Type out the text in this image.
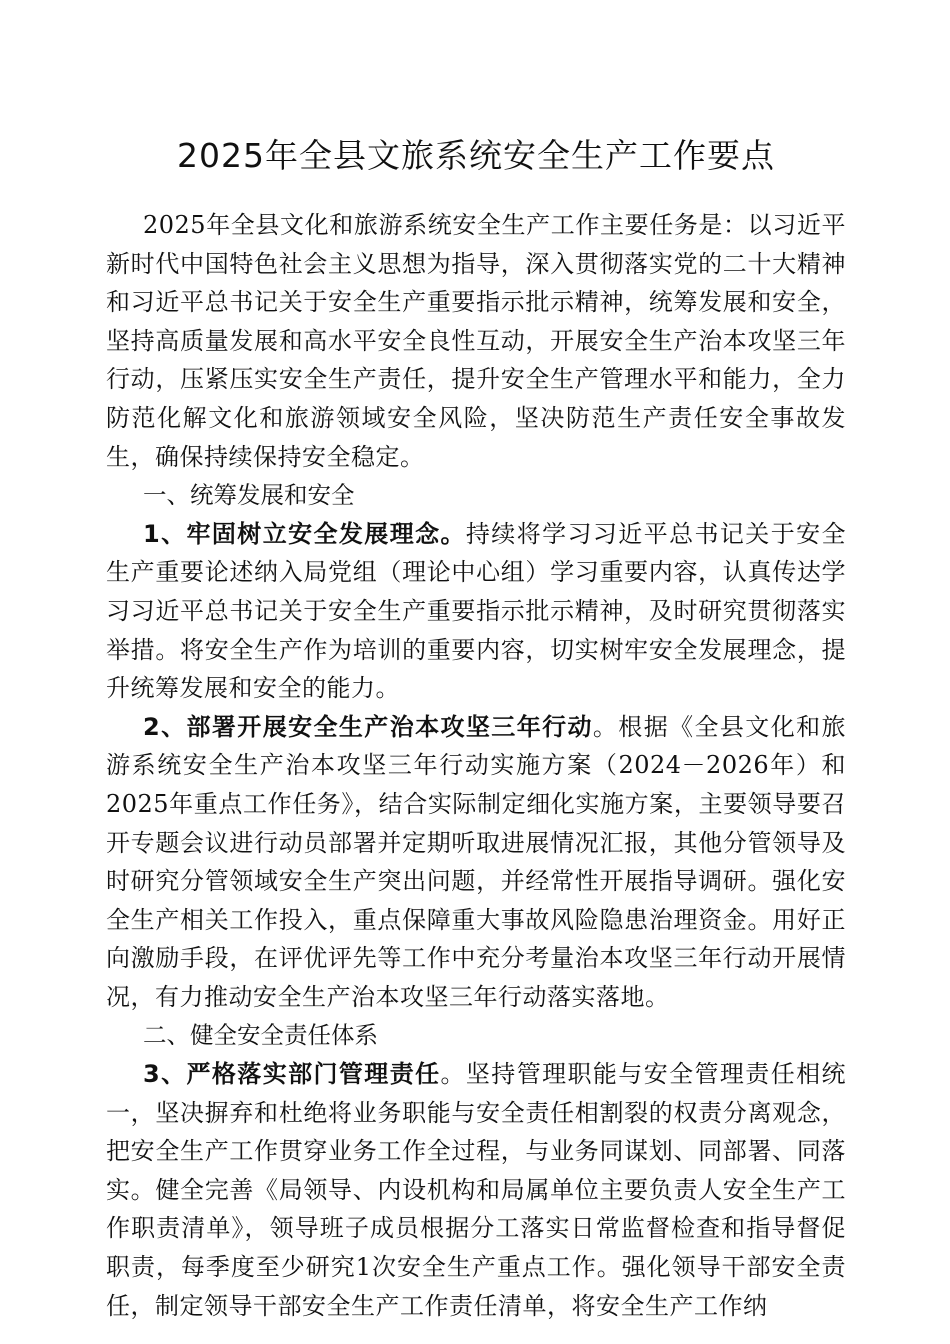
2025年全县文旅系统安全生产工作要点

2025年全县文化和旅游系统安全生产工作主要任务是：以习近平新时代中国特色社会主义思想为指导，深入贯彻落实党的二十大精神和习近平总书记关于安全生产重要指示批示精神，统筹发展和安全，坚持高质量发展和高水平安全良性互动，开展安全生产治本攻坚三年行动，压紧压实安全生产责任，提升安全生产管理水平和能力，全力防范化解文化和旅游领域安全风险，坚决防范生产责任安全事故发生，确保持续保持安全稳定。

一、统筹发展和安全

1、牢固树立安全发展理念。持续将学习习近平总书记关于安全生产重要论述纳入局党组（理论中心组）学习重要内容，认真传达学习习近平总书记关于安全生产重要指示批示精神，及时研究贯彻落实举措。将安全生产作为培训的重要内容，切实树牢安全发展理念，提升统筹发展和安全的能力。

2、部署开展安全生产治本攻坚三年行动。根据《全县文化和旅游系统安全生产治本攻坚三年行动实施方案（2024－2026年）和2025年重点工作任务》，结合实际制定细化实施方案，主要领导要召开专题会议进行动员部署并定期听取进展情况汇报，其他分管领导及时研究分管领域安全生产突出问题，并经常性开展指导调研。强化安全生产相关工作投入，重点保障重大事故风险隐患治理资金。用好正向激励手段，在评优评先等工作中充分考量治本攻坚三年行动开展情况，有力推动安全生产治本攻坚三年行动落实落地。

二、健全安全责任体系

3、严格落实部门管理责任。坚持管理职能与安全管理责任相统一，坚决摒弃和杜绝将业务职能与安全责任相割裂的权责分离观念，把安全生产工作贯穿业务工作全过程，与业务同谋划、同部署、同落实。健全完善《局领导、内设机构和局属单位主要负责人安全生产工作职责清单》，领导班子成员根据分工落实日常监督检查和指导督促职责，每季度至少研究1次安全生产重点工作。强化领导干部安全责任，制定领导干部安全生产工作责任清单，将安全生产工作纳
